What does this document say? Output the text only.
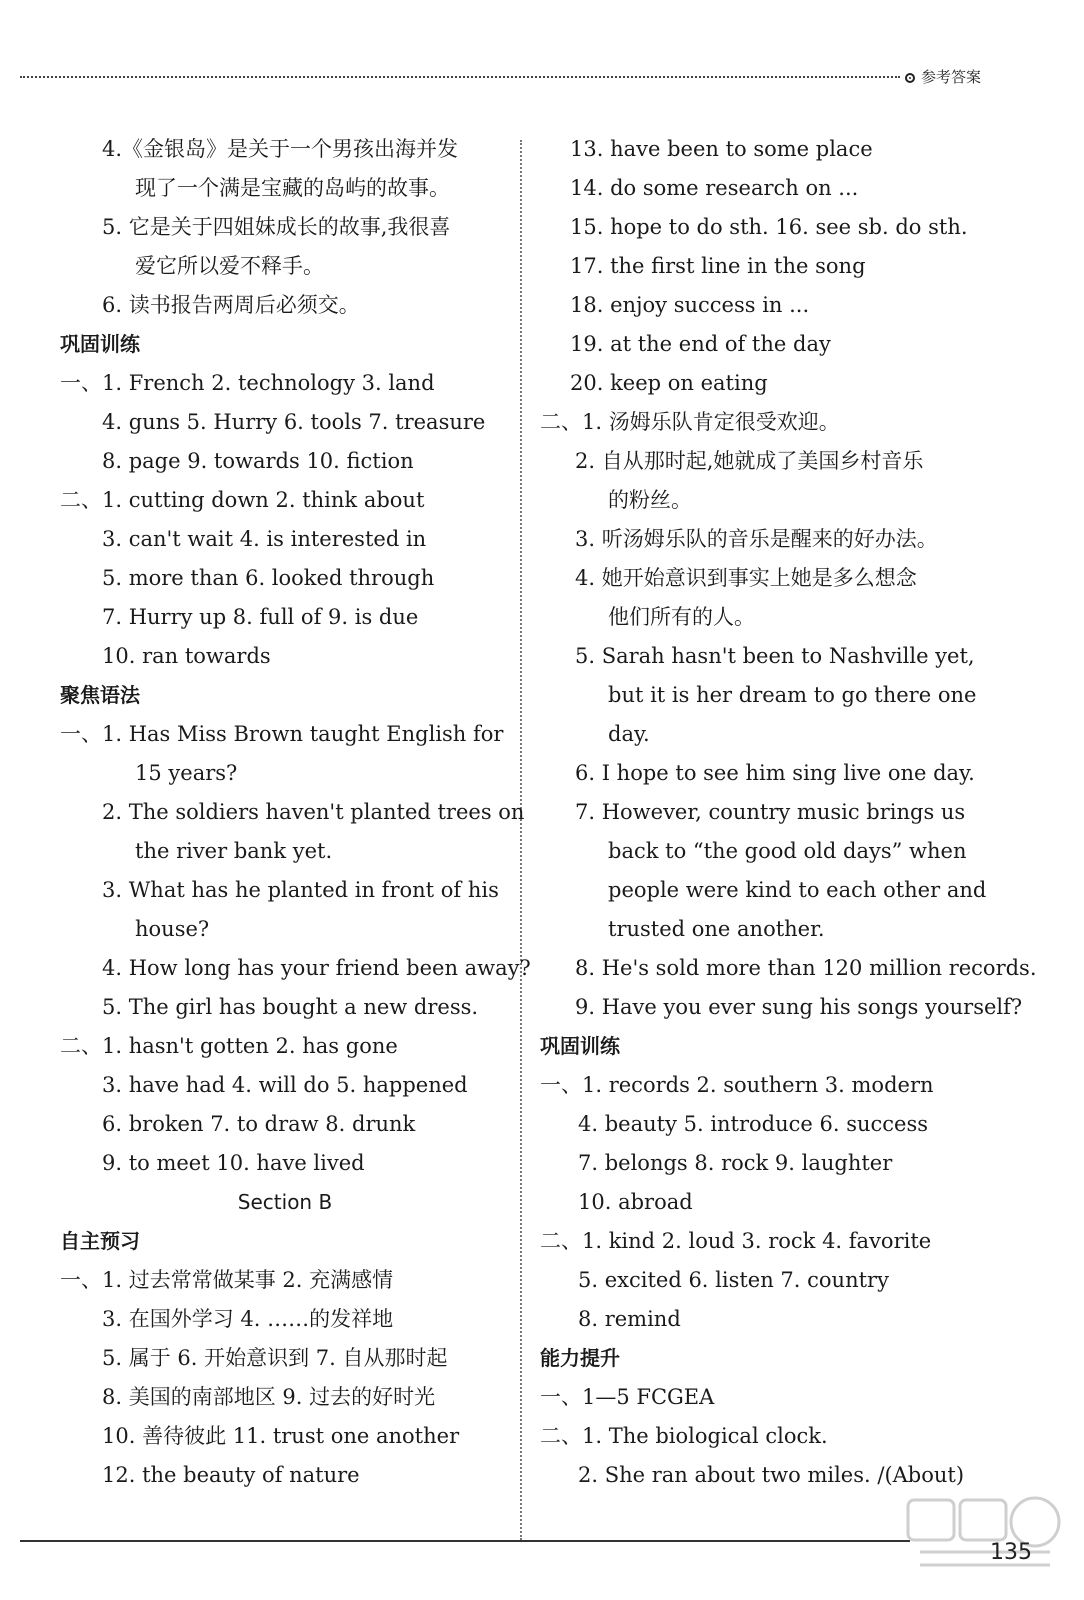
参考答案
4.《金银岛》是关于一个男孩出海并发
现了一个满是宝藏的岛屿的故事。
5. 它是关于四姐妹成长的故事,我很喜
爱它所以爱不释手。
6. 读书报告两周后必须交。
巩固训练
一、1. French 2. technology 3. land
4. guns 5. Hurry 6. tools 7. treasure
8. page 9. towards 10. fiction
二、1. cutting down 2. think about
3. can't wait 4. is interested in
5. more than 6. looked through
7. Hurry up 8. full of 9. is due
10. ran towards
聚焦语法
一、1. Has Miss Brown taught English for
15 years?
2. The soldiers haven't planted trees on
the river bank yet.
3. What has he planted in front of his
house?
4. How long has your friend been away?
5. The girl has bought a new dress.
二、1. hasn't gotten 2. has gone
3. have had 4. will do 5. happened
6. broken 7. to draw 8. drunk
9. to meet 10. have lived
Section B
自主预习
一、1. 过去常常做某事 2. 充满感情
3. 在国外学习 4. ……的发祥地
5. 属于 6. 开始意识到 7. 自从那时起
8. 美国的南部地区 9. 过去的好时光
10. 善待彼此 11. trust one another
12. the beauty of nature
13. have been to some place
14. do some research on ...
15. hope to do sth. 16. see sb. do sth.
17. the first line in the song
18. enjoy success in ...
19. at the end of the day
20. keep on eating
二、1. 汤姆乐队肯定很受欢迎。
2. 自从那时起,她就成了美国乡村音乐
的粉丝。
3. 听汤姆乐队的音乐是醒来的好办法。
4. 她开始意识到事实上她是多么想念
他们所有的人。
5. Sarah hasn't been to Nashville yet,
but it is her dream to go there one
day.
6. I hope to see him sing live one day.
7. However, country music brings us
back to “the good old days” when
people were kind to each other and
trusted one another.
8. He's sold more than 120 million records.
9. Have you ever sung his songs yourself?
巩固训练
一、1. records 2. southern 3. modern
4. beauty 5. introduce 6. success
7. belongs 8. rock 9. laughter
10. abroad
二、1. kind 2. loud 3. rock 4. favorite
5. excited 6. listen 7. country
8. remind
能力提升
一、1—5 FCGEA
二、1. The biological clock.
2. She ran about two miles. /(About)
135
